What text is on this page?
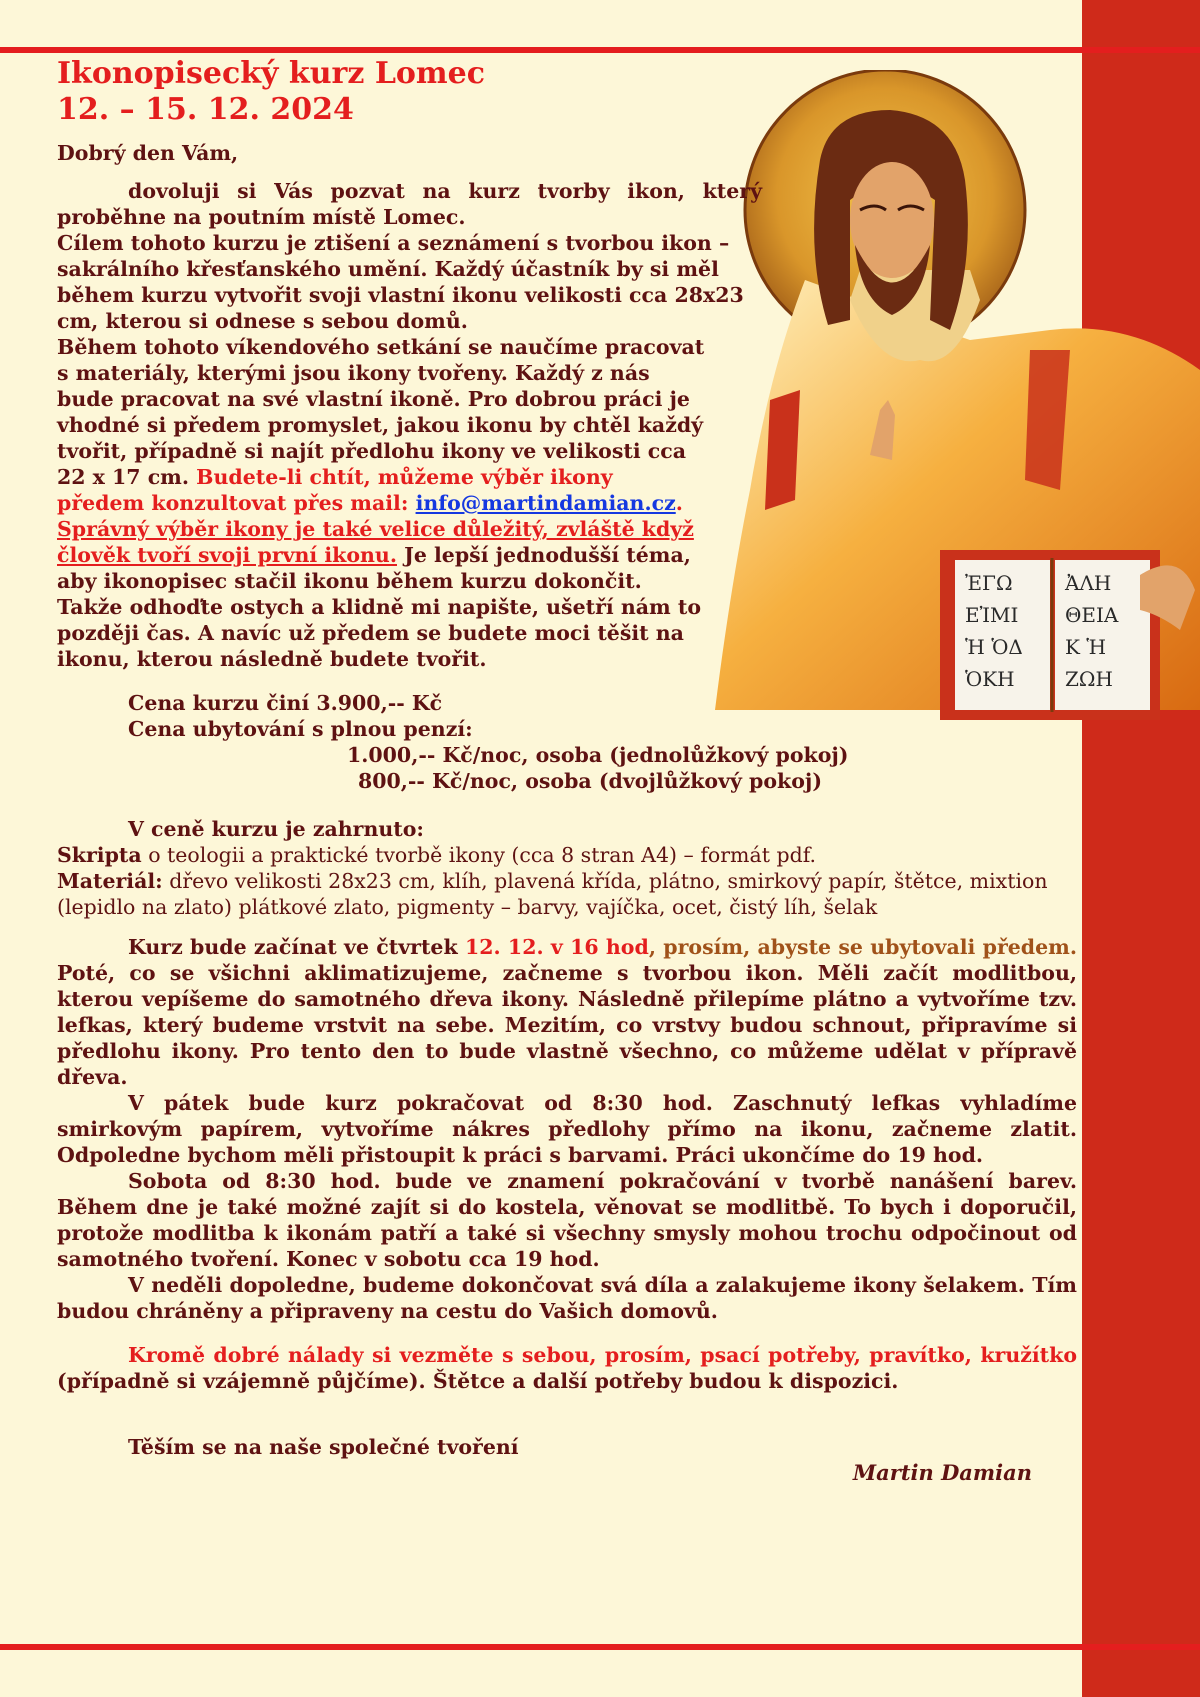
ἘΓΩ
ΕἸΜΙ
Ἡ ὉΔ
ὉΚΗ
ἈΛΗ
ΘΕΙΑ
Κ Ἡ
ΖΩΗ
Ikonopisecký kurz Lomec
12. – 15. 12. 2024

Dobrý den Vám,

dovoluji si Vás pozvat na kurz tvorby ikon, který proběhne na poutním místě Lomec.

Cílem tohoto kurzu je ztišení a seznámení s tvorbou ikon – sakrálního křesťanského umění. Každý účastník by si měl během kurzu vytvořit svoji vlastní ikonu velikosti cca 28x23 cm, kterou si odnese s sebou domů.

Během tohoto víkendového setkání se naučíme pracovat s materiály, kterými jsou ikony tvořeny. Každý z nás bude pracovat na své vlastní ikoně. Pro dobrou práci je vhodné si předem promyslet, jakou ikonu by chtěl každý tvořit, případně si najít předlohu ikony ve velikosti cca 22 x 17 cm. Budete-li chtít, můžeme výběr ikony předem konzultovat přes mail: info@martindamian.cz. Správný výběr ikony je také velice důležitý, zvláště když člověk tvoří svoji první ikonu. Je lepší jednodušší téma, aby ikonopisec stačil ikonu během kurzu dokončit. Takže odhoďte ostych a klidně mi napište, ušetří nám to později čas. A navíc už předem se budete moci těšit na ikonu, kterou následně budete tvořit.

Cena kurzu činí 3.900,-- Kč

Cena ubytování s plnou penzí:

1.000,-- Kč/noc, osoba (jednolůžkový pokoj)

800,-- Kč/noc, osoba (dvojlůžkový pokoj)

V ceně kurzu je zahrnuto:

Skripta o teologii a praktické tvorbě ikony (cca 8 stran A4) – formát pdf.

Materiál: dřevo velikosti 28x23 cm, klíh, plavená křída, plátno, smirkový papír, štětce, mixtion (lepidlo na zlato) plátkové zlato, pigmenty – barvy, vajíčka, ocet, čistý líh, šelak

Kurz bude začínat ve čtvrtek 12. 12. v 16 hod, prosím, abyste se ubytovali předem. Poté, co se všichni aklimatizujeme, začneme s tvorbou ikon. Měli začít modlitbou, kterou vepíšeme do samotného dřeva ikony. Následně přilepíme plátno a vytvoříme tzv. lefkas, který budeme vrstvit na sebe. Mezitím, co vrstvy budou schnout, připravíme si předlohu ikony. Pro tento den to bude vlastně všechno, co můžeme udělat v přípravě dřeva.

V pátek bude kurz pokračovat od 8:30 hod. Zaschnutý lefkas vyhladíme smirkovým papírem, vytvoříme nákres předlohy přímo na ikonu, začneme zlatit. Odpoledne bychom měli přistoupit k práci s barvami. Práci ukončíme do 19 hod.

Sobota od 8:30 hod. bude ve znamení pokračování v tvorbě nanášení barev. Během dne je také možné zajít si do kostela, věnovat se modlitbě. To bych i doporučil, protože modlitba k ikonám patří a také si všechny smysly mohou trochu odpočinout od samotného tvoření. Konec v sobotu cca 19 hod.

V neděli dopoledne, budeme dokončovat svá díla a zalakujeme ikony šelakem. Tím budou chráněny a připraveny na cestu do Vašich domovů.

Kromě dobré nálady si vezměte s sebou, prosím, psací potřeby, pravítko, kružítko (případně si vzájemně půjčíme). Štětce a další potřeby budou k dispozici.

Těším se na naše společné tvoření

Martin Damian
